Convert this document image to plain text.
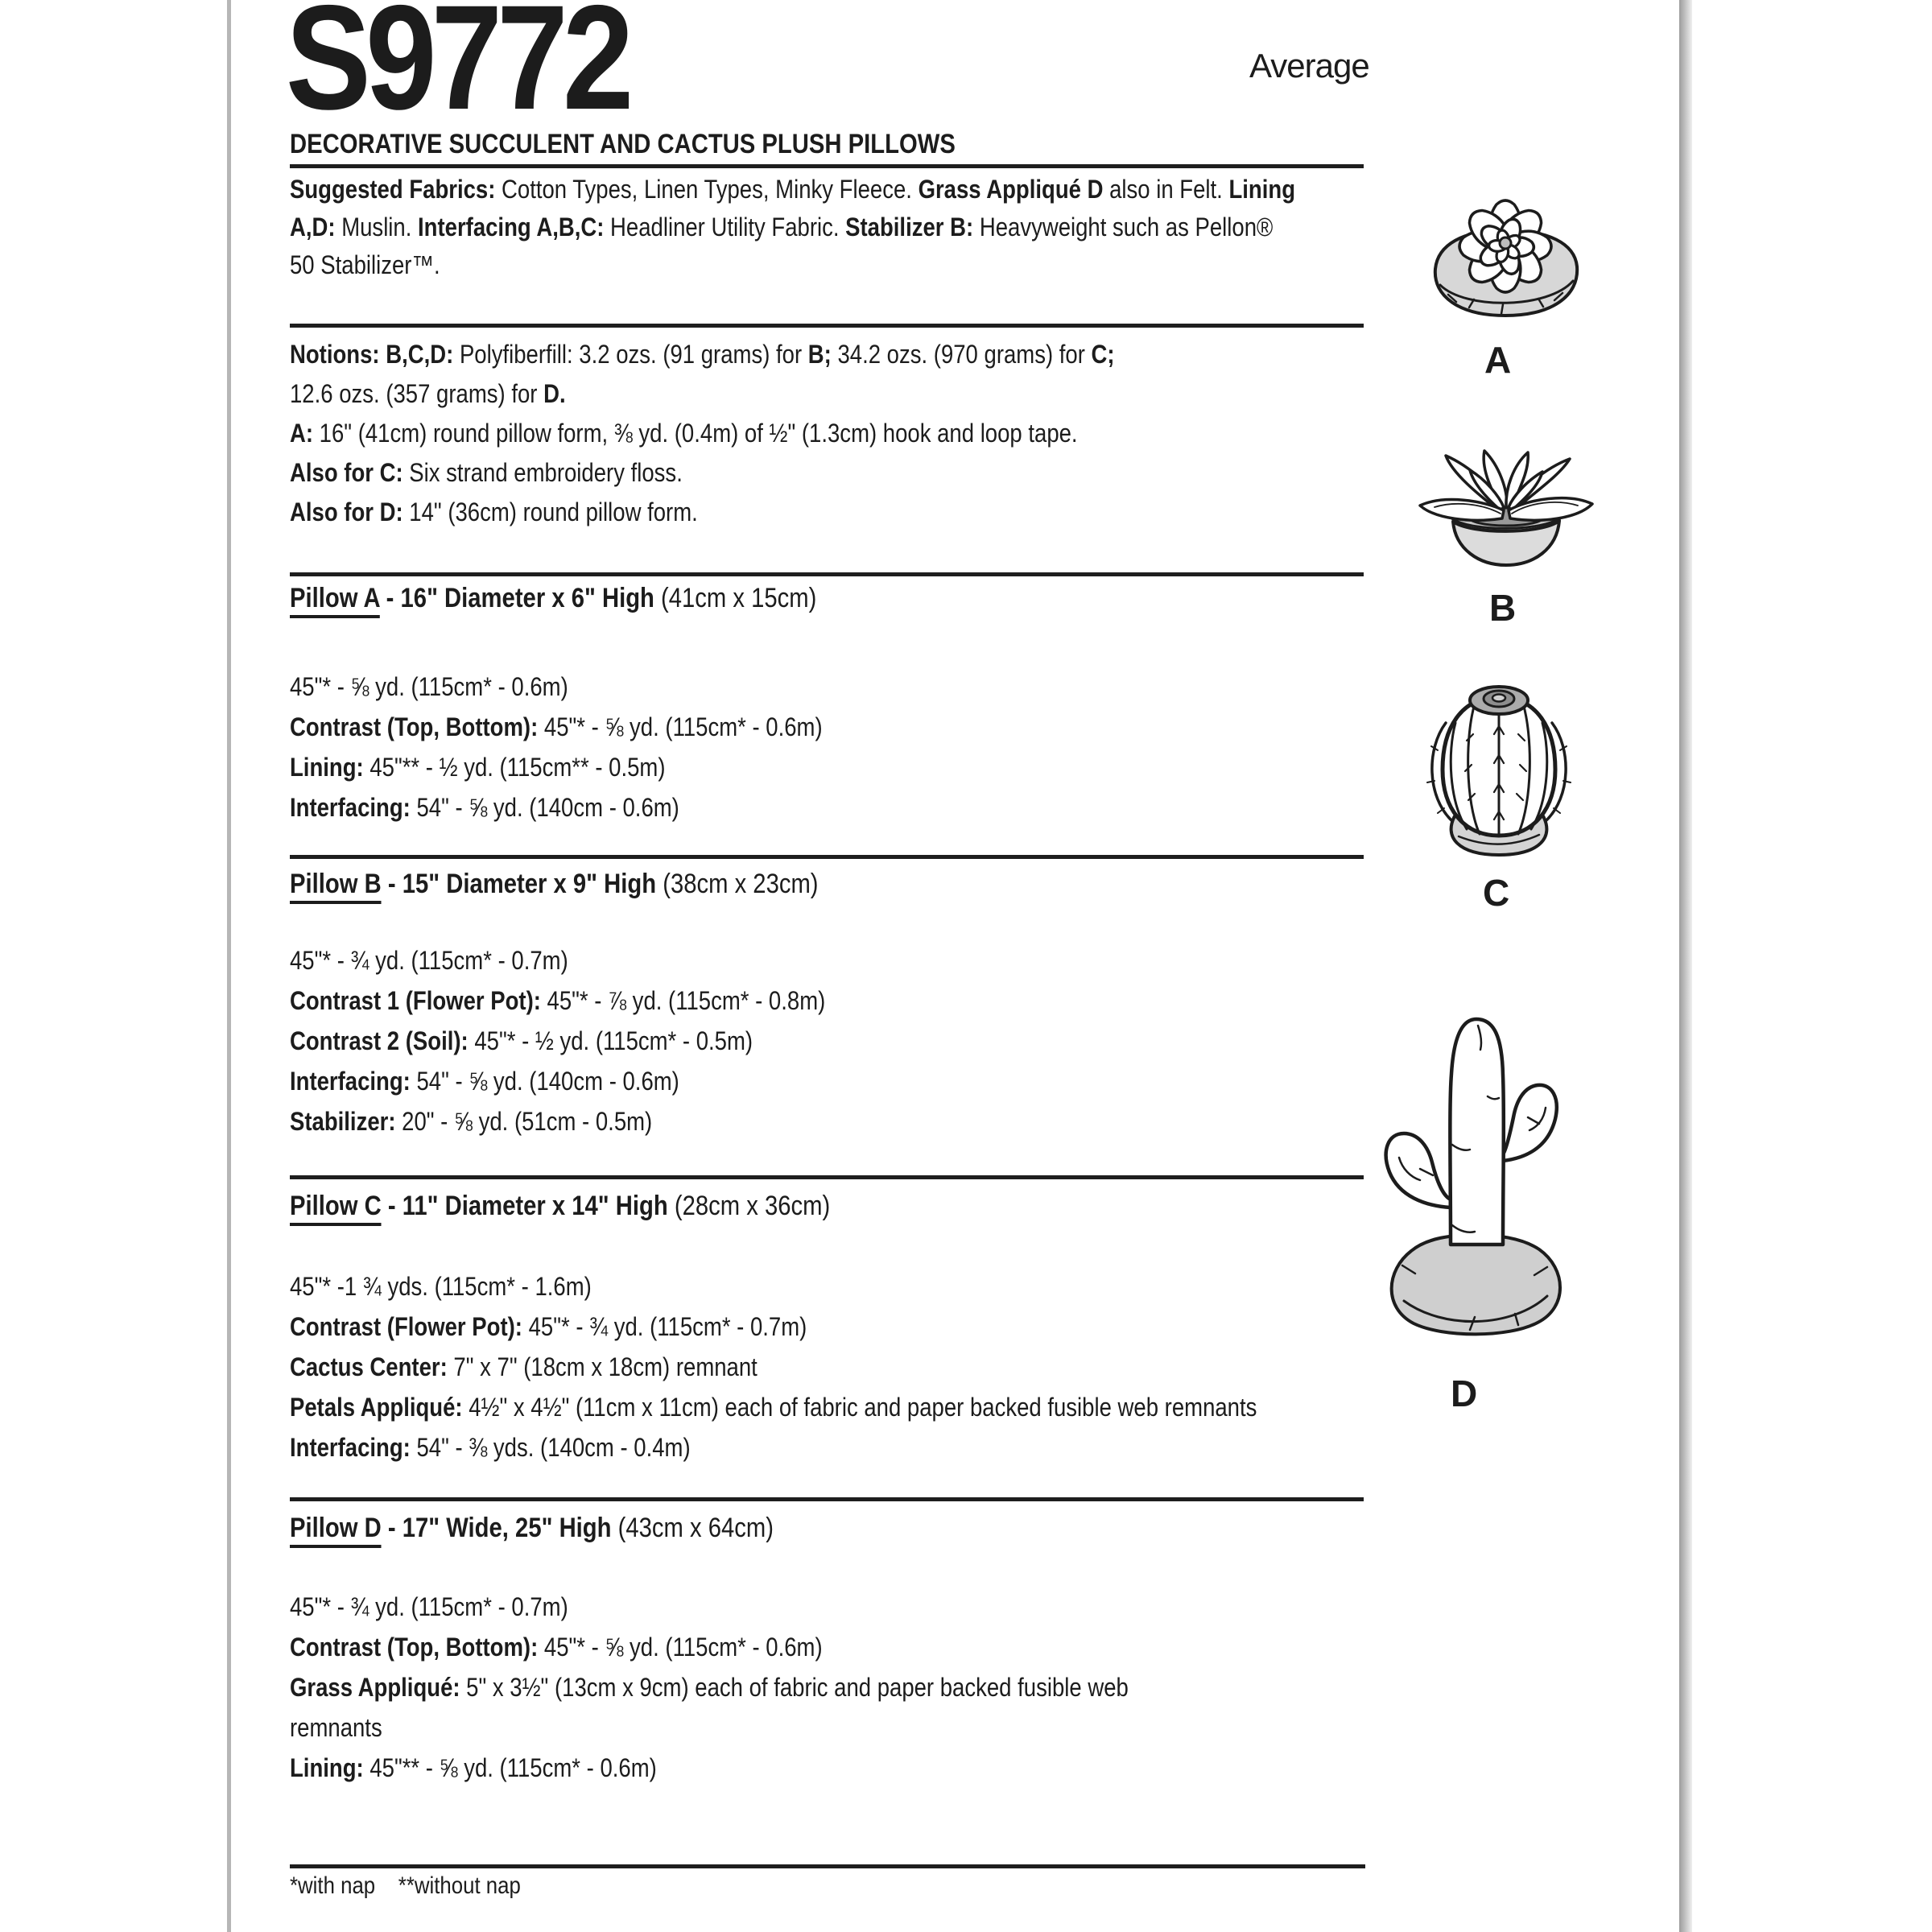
Average
S9772
DECORATIVE SUCCULENT AND CACTUS PLUSH PILLOWS
Suggested Fabrics: Cotton Types, Linen Types, Minky Fleece. Grass Appliqué D also in Felt. Lining
A,D: Muslin. Interfacing A,B,C: Headliner Utility Fabric. Stabilizer B: Heavyweight such as Pellon®
50 Stabilizer™.
Notions: B,C,D: Polyfiberfill: 3.2 ozs. (91 grams) for B; 34.2 ozs. (970 grams) for C;
12.6 ozs. (357 grams) for D.
A: 16" (41cm) round pillow form, ⅜ yd. (0.4m) of ½" (1.3cm) hook and loop tape.
Also for C: Six strand embroidery floss.
Also for D: 14" (36cm) round pillow form.
Pillow A - 16" Diameter x 6" High (41cm x 15cm)
45"* - ⅝ yd. (115cm* - 0.6m)
Contrast (Top, Bottom): 45"* - ⅝ yd. (115cm* - 0.6m)
Lining: 45"** - ½ yd. (115cm** - 0.5m)
Interfacing: 54" - ⅝ yd. (140cm - 0.6m)
Pillow B - 15" Diameter x 9" High (38cm x 23cm)
45"* - ¾ yd. (115cm* - 0.7m)
Contrast 1 (Flower Pot): 45"* - ⅞ yd. (115cm* - 0.8m)
Contrast 2 (Soil): 45"* - ½ yd. (115cm* - 0.5m)
Interfacing: 54" - ⅝ yd. (140cm - 0.6m)
Stabilizer: 20" - ⅝ yd. (51cm - 0.5m)
Pillow C - 11" Diameter x 14" High (28cm x 36cm)
45"* -1 ¾ yds. (115cm* - 1.6m)
Contrast (Flower Pot): 45"* - ¾ yd. (115cm* - 0.7m)
Cactus Center: 7" x 7" (18cm x 18cm) remnant
Petals Appliqué: 4½" x 4½" (11cm x 11cm) each of fabric and paper backed fusible web remnants
Interfacing: 54" - ⅜ yds. (140cm - 0.4m)
Pillow D - 17" Wide, 25" High (43cm x 64cm)
45"* - ¾ yd. (115cm* - 0.7m)
Contrast (Top, Bottom): 45"* - ⅝ yd. (115cm* - 0.6m)
Grass Appliqué: 5" x 3½" (13cm x 9cm) each of fabric and paper backed fusible web
remnants
Lining: 45"** - ⅝ yd. (115cm* - 0.6m)
*with nap    **without nap
A
B
C
D
